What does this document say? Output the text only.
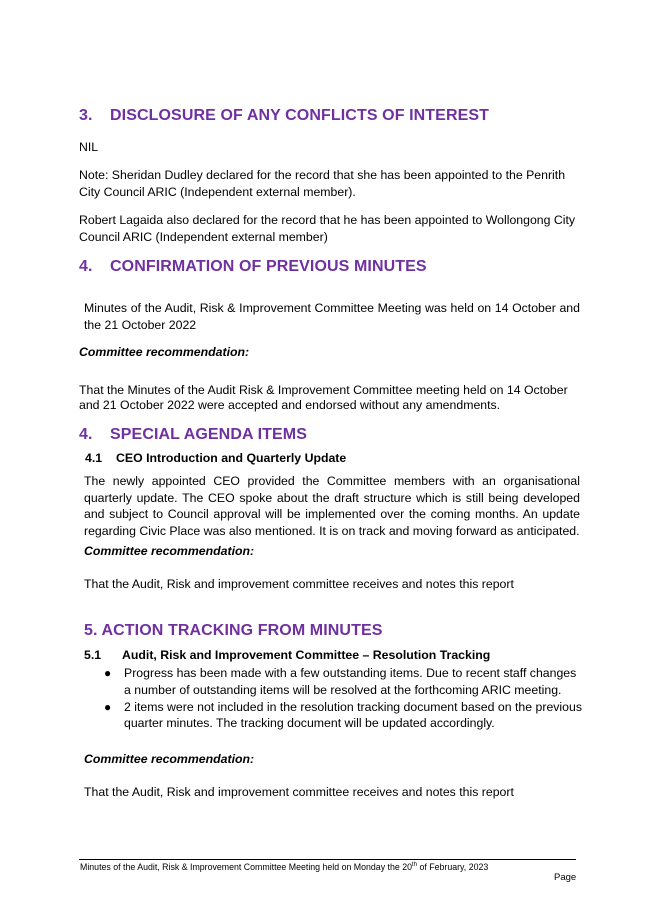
3. DISCLOSURE OF ANY CONFLICTS OF INTEREST
NIL
Note: Sheridan Dudley declared for the record that she has been appointed to the Penrith City Council ARIC (Independent external member).
Robert Lagaida also declared for the record that he has been appointed to Wollongong City Council ARIC (Independent external member)
4. CONFIRMATION OF PREVIOUS MINUTES
Minutes of the Audit, Risk & Improvement Committee Meeting was held on 14 October and the 21 October 2022
Committee recommendation:
That the Minutes of the Audit Risk & Improvement Committee meeting held on 14 October and 21 October 2022 were accepted and endorsed without any amendments.
4. SPECIAL AGENDA ITEMS
4.1 CEO Introduction and Quarterly Update
The newly appointed CEO provided the Committee members with an organisational quarterly update. The CEO spoke about the draft structure which is still being developed and subject to Council approval will be implemented over the coming months. An update regarding Civic Place was also mentioned. It is on track and moving forward as anticipated.
Committee recommendation:
That the Audit, Risk and improvement committee receives and notes this report
5. ACTION TRACKING FROM MINUTES
5.1 Audit, Risk and Improvement Committee – Resolution Tracking
● Progress has been made with a few outstanding items. Due to recent staff changes a number of outstanding items will be resolved at the forthcoming ARIC meeting.
● 2 items were not included in the resolution tracking document based on the previous quarter minutes. The tracking document will be updated accordingly.
Committee recommendation:
That the Audit, Risk and improvement committee receives and notes this report
Minutes of the Audit, Risk & Improvement Committee Meeting held on Monday the 20th of February, 2023
Page
